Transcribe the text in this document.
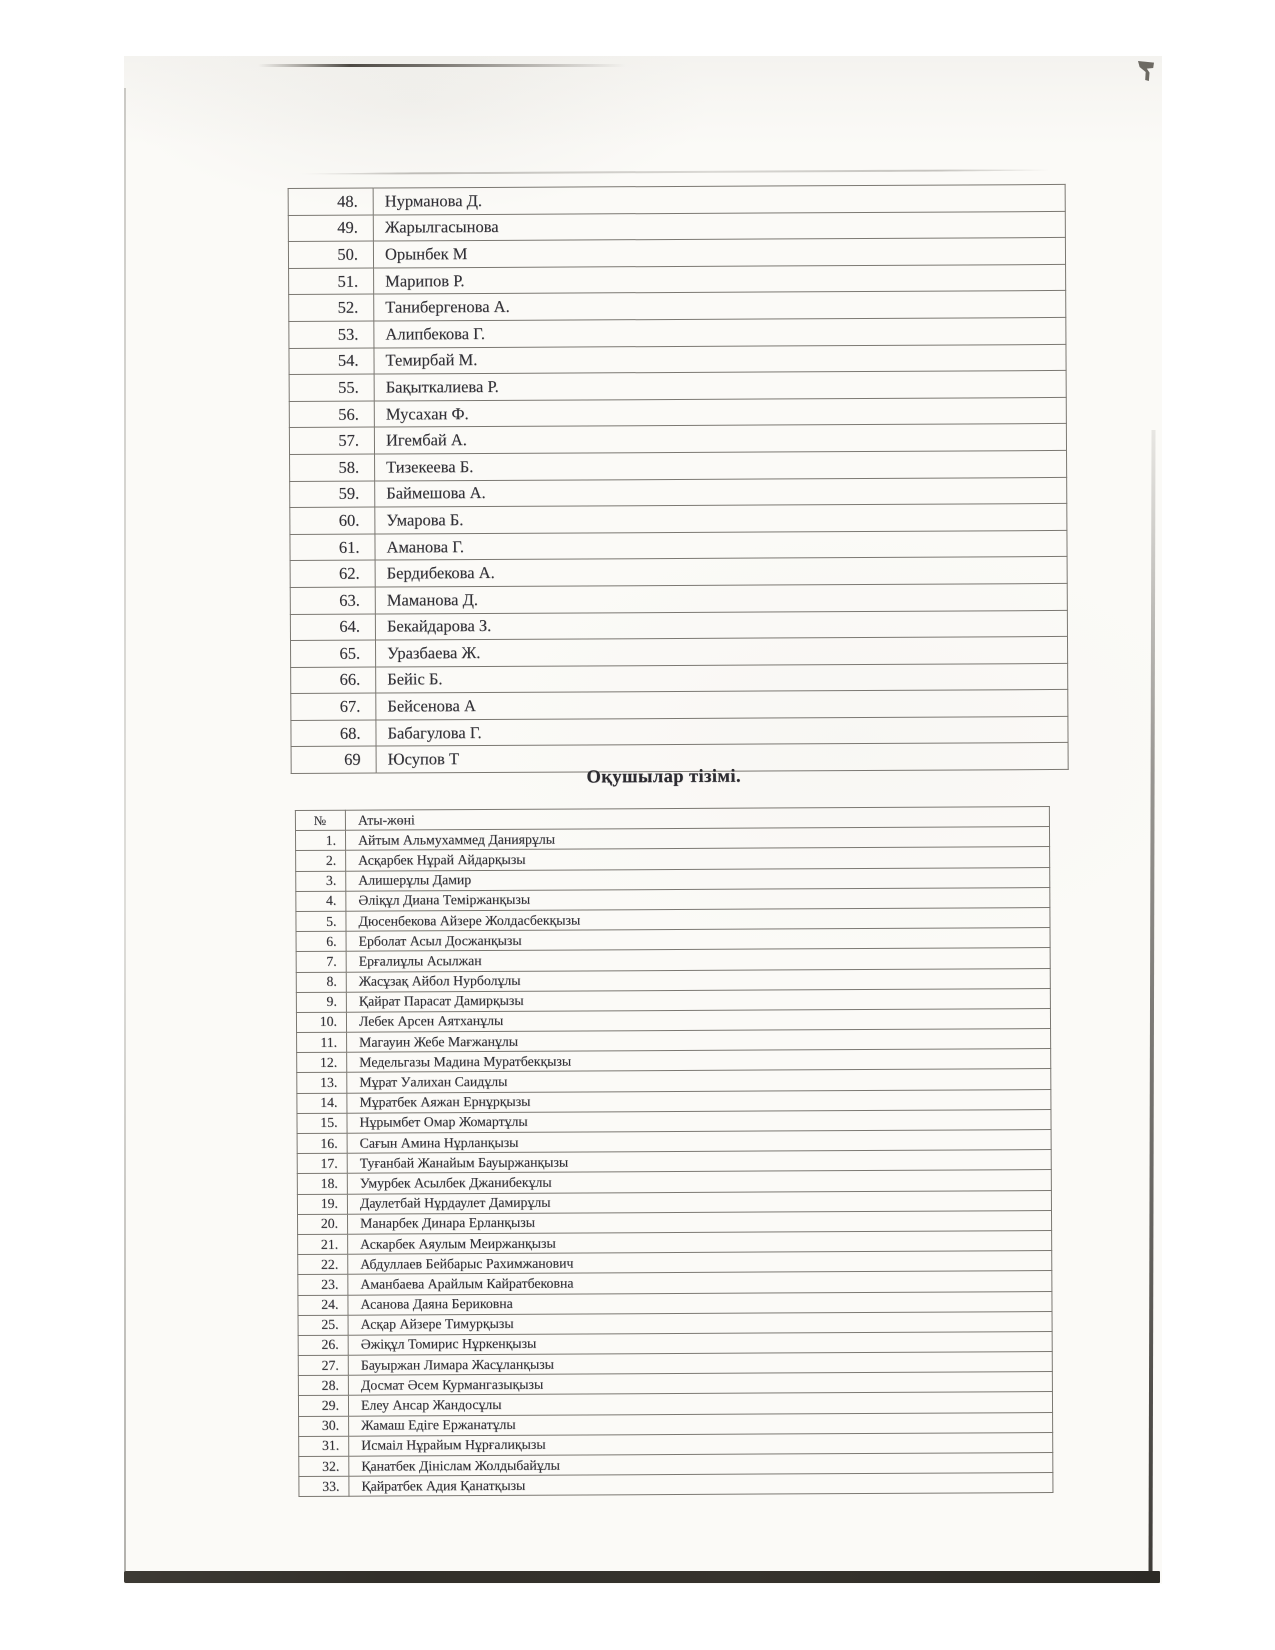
48.	Нурманова Д.
49.	Жарылгасынова
50.	Орынбек М
51.	Марипов Р.
52.	Танибергенова А.
53.	Алипбекова Г.
54.	Темирбай М.
55.	Бақыткалиева Р.
56.	Мусахан Ф.
57.	Игембай А.
58.	Тизекеева Б.
59.	Баймешова А.
60.	Умарова Б.
61.	Аманова Г.
62.	Бердибекова А.
63.	Маманова Д.
64.	Бекайдарова З.
65.	Уразбаева Ж.
66.	Бейіс Б.
67.	Бейсенова А
68.	Бабагулова Г.
69	Юсупов Т
Оқушылар тізімі.
№	Аты-жөні
1.	Айтым Альмухаммед Даниярұлы
2.	Асқарбек Нұрай Айдарқызы
3.	Алишерұлы Дамир
4.	Әліқұл Диана Теміржанқызы
5.	Дюсенбекова Айзере Жолдасбекқызы
6.	Ерболат Асыл Досжанқызы
7.	Ерғалиұлы Асылжан
8.	Жасұзақ Айбол Нурболұлы
9.	Қайрат Парасат Дамирқызы
10.	Лебек Арсен Аятханұлы
11.	Магауин Жебе Мағжанұлы
12.	Медельгазы Мадина Муратбекқызы
13.	Мұрат Уалихан Саидұлы
14.	Мұратбек Аяжан Ернұрқызы
15.	Нұрымбет Омар Жомартұлы
16.	Сағын Амина Нұрланқызы
17.	Туғанбай Жанайым Бауыржанқызы
18.	Умурбек Асылбек Джанибекұлы
19.	Даулетбай Нұрдаулет Дамирұлы
20.	Манарбек Динара Ерланқызы
21.	Аскарбек Аяулым Меиржанқызы
22.	Абдуллаев Бейбарыс Рахимжанович
23.	Аманбаева Арайлым Кайратбековна
24.	Асанова Даяна Бериковна
25.	Асқар Айзере Тимурқызы
26.	Әжіқұл Томирис Нұркенқызы
27.	Бауыржан Лимара Жасұланқызы
28.	Досмат Әсем Курмангазықызы
29.	Елеу Ансар Жандосұлы
30.	Жамаш Едіге Ержанатұлы
31.	Исмаіл Нұрайым Нұрғалиқызы
32.	Қанатбек Дініслам Жолдыбайұлы
33.	Қайратбек Адия Қанатқызы
